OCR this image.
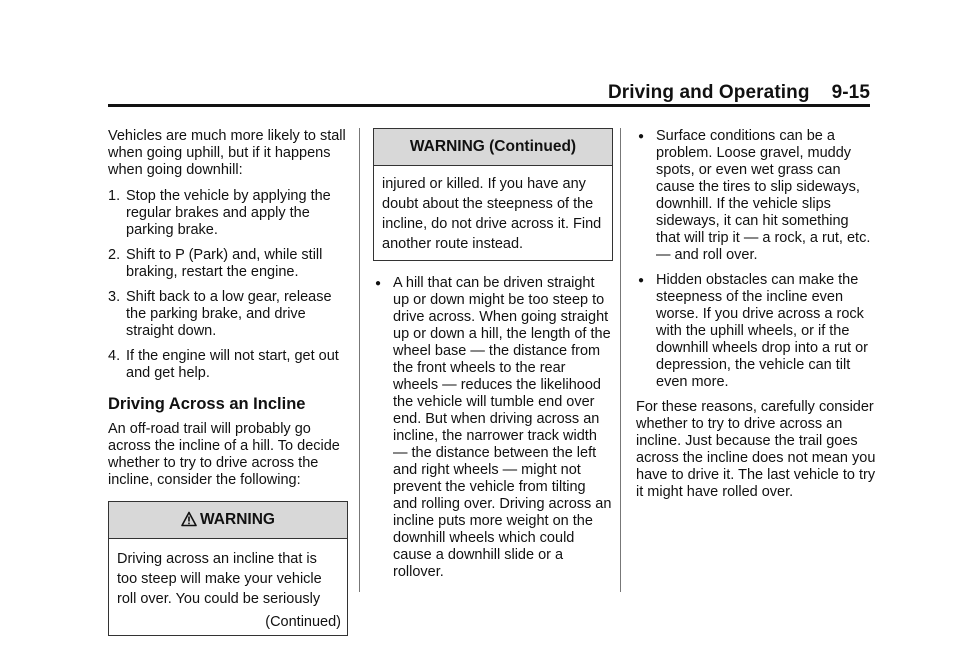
Driving and Operating 9-15

Vehicles are much more likely to stall when going uphill, but if it happens when going downhill:

1. Stop the vehicle by applying the regular brakes and apply the parking brake.
2. Shift to P (Park) and, while still braking, restart the engine.
3. Shift back to a low gear, release the parking brake, and drive straight down.
4. If the engine will not start, get out and get help.
Driving Across an Incline

An off-road trail will probably go across the incline of a hill. To decide whether to try to drive across the incline, consider the following:

WARNING
Driving across an incline that is too steep will make your vehicle roll over. You could be seriously
(Continued)
WARNING (Continued)
injured or killed. If you have any doubt about the steepness of the incline, do not drive across it. Find another route instead.
● A hill that can be driven straight up or down might be too steep to drive across. When going straight up or down a hill, the length of the wheel base — the distance from the front wheels to the rear wheels — reduces the likelihood the vehicle will tumble end over end. But when driving across an incline, the narrower track width — the distance between the left and right wheels — might not prevent the vehicle from tilting and rolling over. Driving across an incline puts more weight on the downhill wheels which could cause a downhill slide or a rollover.
● Surface conditions can be a problem. Loose gravel, muddy spots, or even wet grass can cause the tires to slip sideways, downhill. If the vehicle slips sideways, it can hit something that will trip it — a rock, a rut, etc. — and roll over.
● Hidden obstacles can make the steepness of the incline even worse. If you drive across a rock with the uphill wheels, or if the downhill wheels drop into a rut or depression, the vehicle can tilt even more.

For these reasons, carefully consider whether to try to drive across an incline. Just because the trail goes across the incline does not mean you have to drive it. The last vehicle to try it might have rolled over.
